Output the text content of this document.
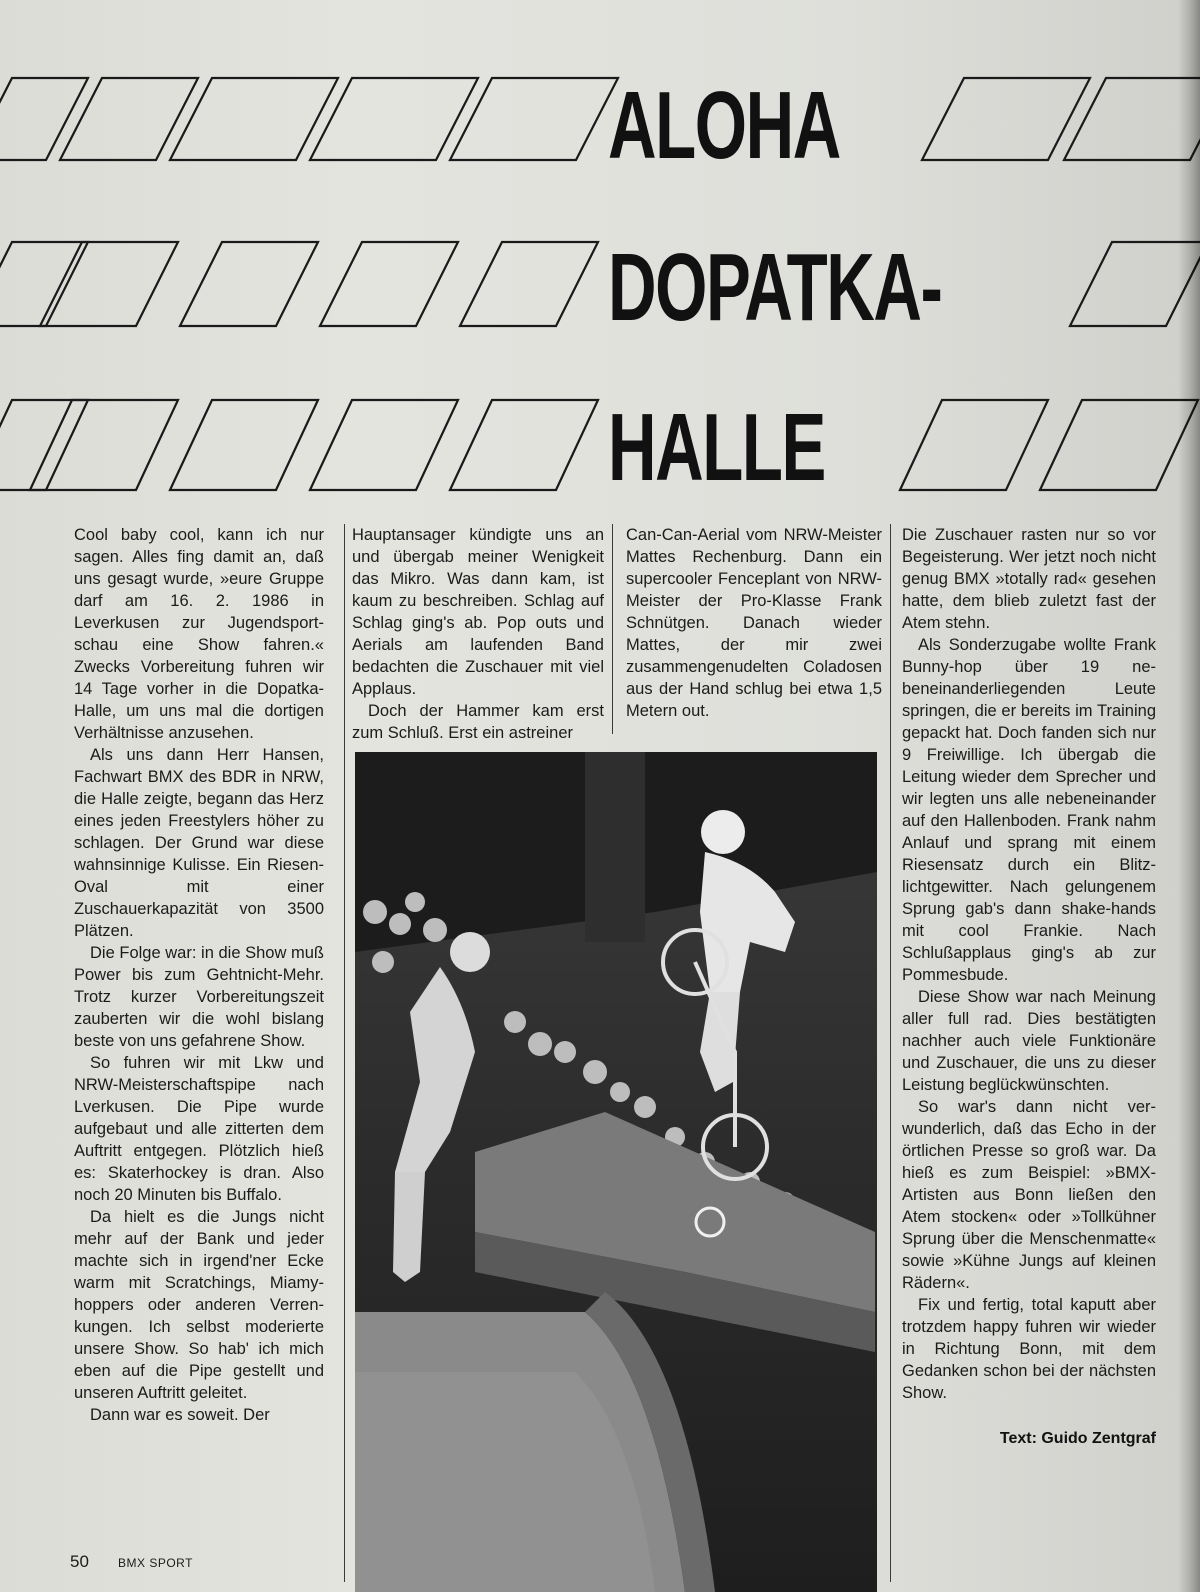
ALOHA
DOPATKA-
HALLE

Cool baby cool, kann ich nur sagen. Alles fing damit an, daß uns gesagt wurde, »eure Gruppe darf am 16. 2. 1986 in Leverkusen zur Jugendsportschau eine Show fahren.« Zwecks Vorbereitung fuhren wir 14 Tage vorher in die Dopatka-Halle, um uns mal die dortigen Verhältnisse anzusehen.

Als uns dann Herr Hansen, Fachwart BMX des BDR in NRW, die Halle zeigte, begann das Herz eines jeden Freestylers höher zu schlagen. Der Grund war diese wahnsinnige Kulisse. Ein Riesen-Oval mit einer Zuschauerkapazität von 3500 Plätzen.

Die Folge war: in die Show muß Power bis zum Gehtnicht-Mehr. Trotz kurzer Vorbereitungszeit zauberten wir die wohl bislang beste von uns gefahrene Show.

So fuhren wir mit Lkw und NRW-Meisterschaftspipe nach Lverkusen. Die Pipe wurde aufgebaut und alle zitterten dem Auftritt entgegen. Plötzlich hieß es: Skaterhockey is dran. Also noch 20 Minuten bis Buffalo.

Da hielt es die Jungs nicht mehr auf der Bank und jeder machte sich in irgend'ner Ecke warm mit Scratchings, Miamyhoppers oder anderen Verrenkungen. Ich selbst moderierte unsere Show. So hab' ich mich eben auf die Pipe gestellt und unseren Auftritt geleitet.

Dann war es soweit. Der

Hauptansager kündigte uns an und übergab meiner Wenigkeit das Mikro. Was dann kam, ist kaum zu beschreiben. Schlag auf Schlag ging's ab. Pop outs und Aerials am laufenden Band bedachten die Zuschauer mit viel Applaus.

Doch der Hammer kam erst zum Schluß. Erst ein astreiner

Can-Can-Aerial vom NRW-Meister Mattes Rechenburg. Dann ein supercooler Fenceplant von NRW-Meister der Pro-Klasse Frank Schnütgen. Danach wieder Mattes, der mir zwei zusammengenudelten Coladosen aus der Hand schlug bei etwa 1,5 Metern out.

Die Zuschauer rasten nur so vor Begeisterung. Wer jetzt noch nicht genug BMX »totally rad« gesehen hatte, dem blieb zuletzt fast der Atem stehn.

Als Sonderzugabe wollte Frank Bunny-hop über 19 nebeneinanderliegenden Leute springen, die er bereits im Training gepackt hat. Doch fanden sich nur 9 Freiwillige. Ich übergab die Leitung wieder dem Sprecher und wir legten uns alle nebeneinander auf den Hallenboden. Frank nahm Anlauf und sprang mit einem Riesensatz durch ein Blitzlichtgewitter. Nach gelungenem Sprung gab's dann shake-hands mit cool Frankie. Nach Schlußapplaus ging's ab zur Pommesbude.

Diese Show war nach Meinung aller full rad. Dies bestätigten nachher auch viele Funktionäre und Zuschauer, die uns zu dieser Leistung beglückwünschten.

So war's dann nicht verwunderlich, daß das Echo in der örtlichen Presse so groß war. Da hieß es zum Beispiel: »BMX-Artisten aus Bonn ließen den Atem stocken« oder »Tollkühner Sprung über die Menschenmatte« sowie »Kühne Jungs auf kleinen Rädern«.

Fix und fertig, total kaputt aber trotzdem happy fuhren wir wieder in Richtung Bonn, mit dem Gedanken schon bei der nächsten Show.

Text: Guido Zentgraf
50 BMX SPORT
